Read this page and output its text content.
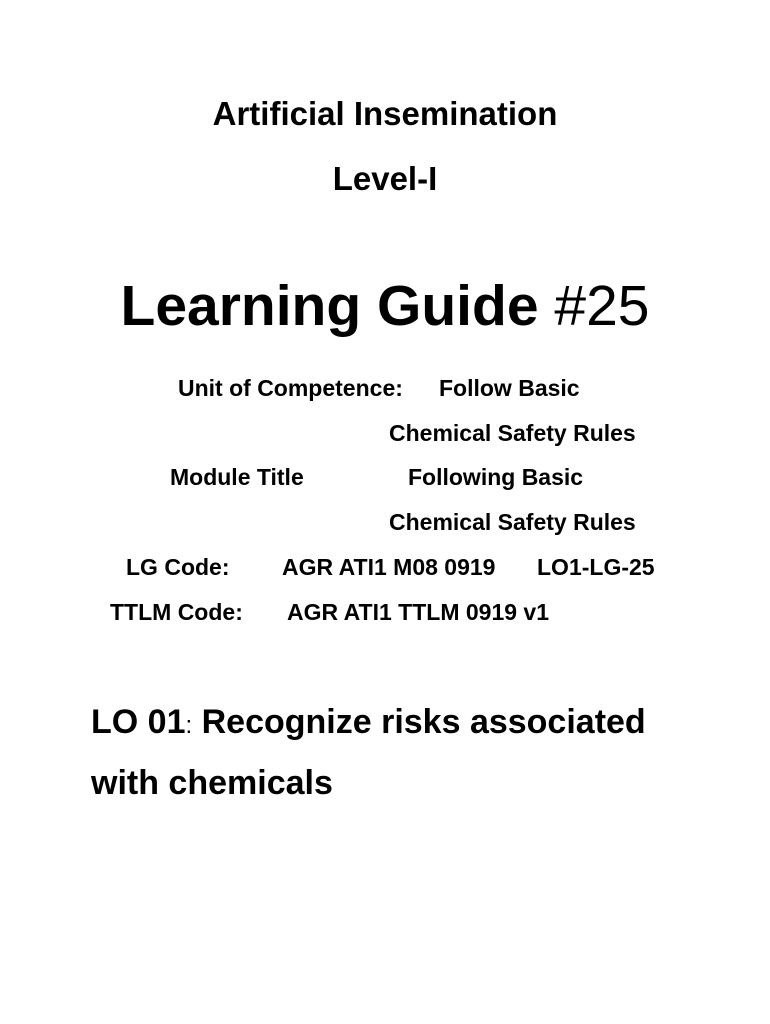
Artificial Insemination
Level-I
Learning Guide #25
Unit of Competence: Follow Basic
Chemical Safety Rules
Module Title	Following Basic
Chemical Safety Rules
LG Code: AGR ATI1 M08 0919 LO1-LG-25
TTLM Code: AGR ATI1 TTLM 0919 v1
LO 01: Recognize risks associated
with chemicals
